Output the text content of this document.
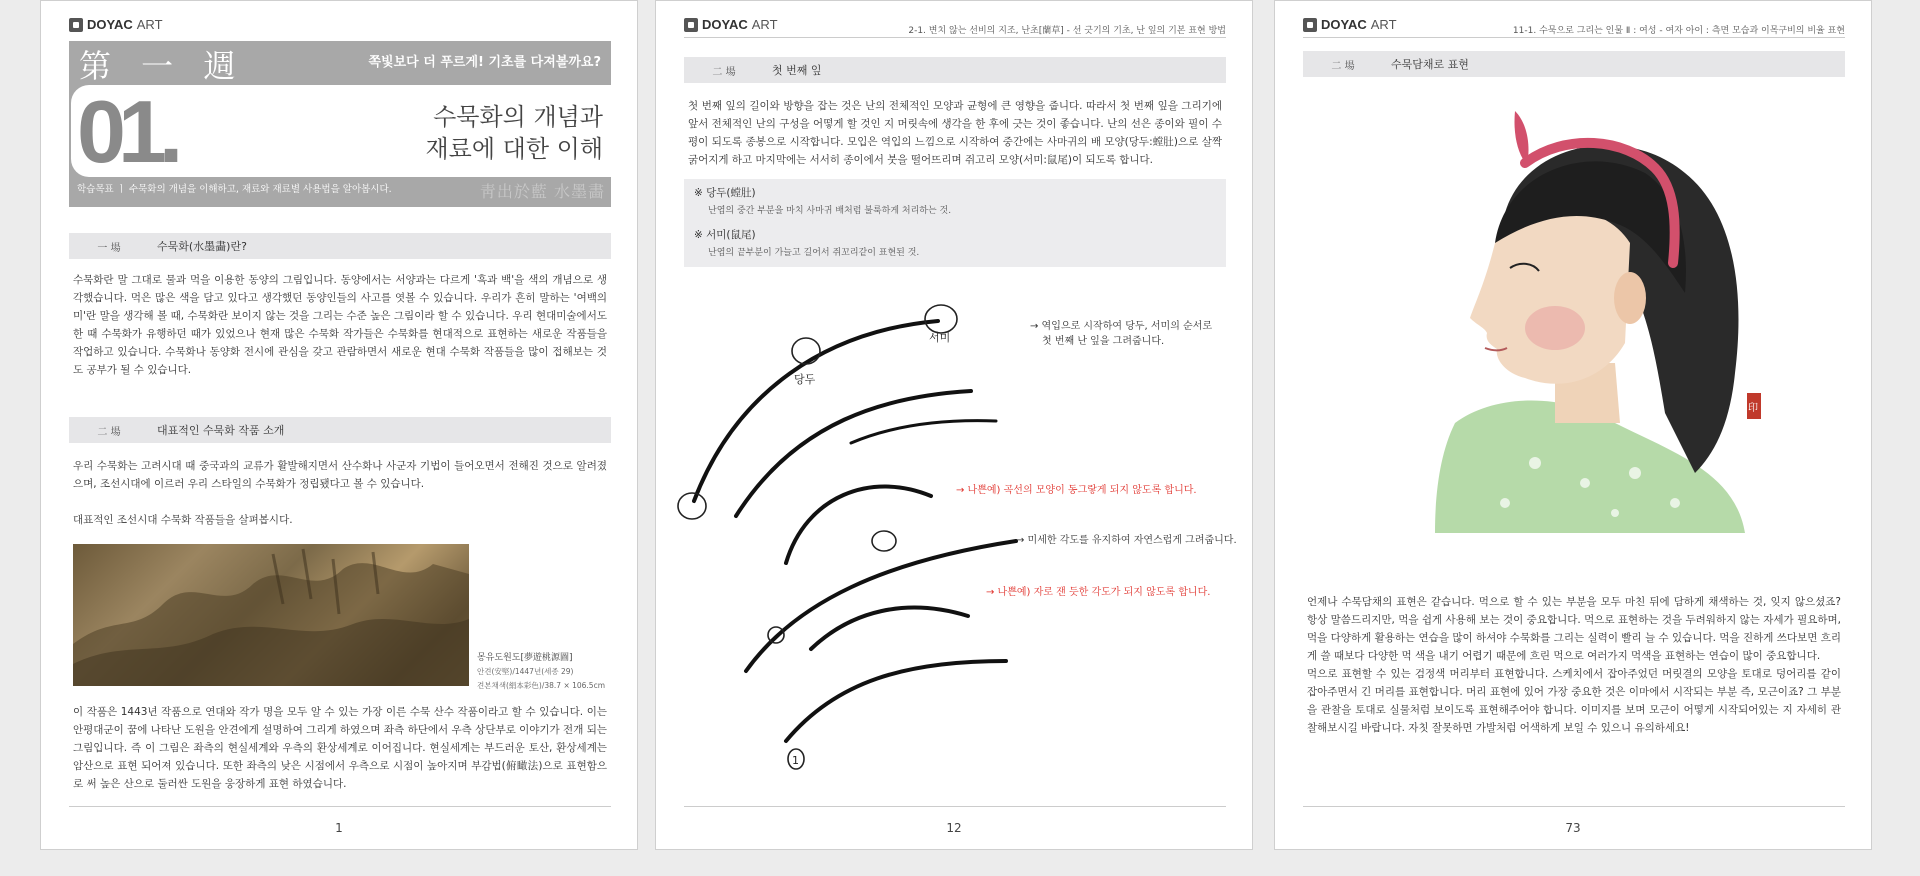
DOYAC ART
第 一 週	쪽빛보다 더 푸르게! 기초를 다져볼까요?
01.	수묵화의 개념과
재료에 대한 이해
학습목표 ㅣ 수묵화의 개념을 이해하고, 재료와 재료별 사용법을 알아봅시다.	靑出於藍 水墨畵
一 場	수묵화(水墨畵)란?
수묵화란 말 그대로 물과 먹을 이용한 동양의 그림입니다. 동양에서는 서양과는 다르게 '흑과 백'을 색의 개념으로 생각했습니다. 먹은 많은 색을 담고 있다고 생각했던 동양인들의 사고를 엿볼 수 있습니다. 우리가 흔히 말하는 '여백의 미'란 말을 생각해 볼 때, 수묵화란 보이지 않는 것을 그리는 수준 높은 그림이라 할 수 있습니다. 우리 현대미술에서도 한 때 수묵화가 유행하던 때가 있었으나 현재 많은 수묵화 작가들은 수묵화를 현대적으로 표현하는 새로운 작품들을 작업하고 있습니다. 수묵화나 동양화 전시에 관심을 갖고 관람하면서 새로운 현대 수묵화 작품들을 많이 접해보는 것도 공부가 될 수 있습니다.
二 場	대표적인 수묵화 작품 소개
우리 수묵화는 고려시대 때 중국과의 교류가 활발해지면서 산수화나 사군자 기법이 들어오면서 전해진 것으로 알려졌으며, 조선시대에 이르러 우리 스타일의 수묵화가 정립됐다고 볼 수 있습니다.
대표적인 조선시대 수묵화 작품들을 살펴봅시다.
몽유도원도[夢遊桃源圖]
안견(安堅)/1447년(세종 29)
견본채색(絹本彩色)/38.7 × 106.5cm
이 작품은 1443년 작품으로 연대와 작가 명을 모두 알 수 있는 가장 이른 수묵 산수 작품이라고 할 수 있습니다. 이는 안평대군이 꿈에 나타난 도원을 안견에게 설명하여 그리게 하였으며 좌측 하단에서 우측 상단부로 이야기가 전개 되는 그림입니다. 즉 이 그림은 좌측의 현실세계와 우측의 환상세계로 이어집니다. 현실세계는 부드러운 토산, 환상세계는 암산으로 표현 되어져 있습니다. 또한 좌측의 낮은 시점에서 우측으로 시점이 높아지며 부감법(俯瞰法)으로 표현함으로 써 높은 산으로 둘러싼 도원을 웅장하게 표현 하였습니다.
1
DOYAC ART	2-1. 변치 않는 선비의 지조, 난초[蘭草] - 선 긋기의 기초, 난 잎의 기본 표현 방법
二 場	첫 번째 잎
첫 번째 잎의 길이와 방향을 잡는 것은 난의 전체적인 모양과 균형에 큰 영향을 줍니다. 따라서 첫 번째 잎을 그리기에 앞서 전체적인 난의 구성을 어떻게 할 것인 지 머릿속에 생각을 한 후에 긋는 것이 좋습니다. 난의 선은 종이와 필이 수평이 되도록 종봉으로 시작합니다. 모입은 역입의 느낌으로 시작하여 중간에는 사마귀의 배 모양(당두:螳肚)으로 살짝 굵어지게 하고 마지막에는 서서히 종이에서 붓을 떨어뜨리며 쥐고리 모양(서미:鼠尾)이 되도록 합니다.
※ 당두(螳肚)
난엽의 중간 부분을 마치 사마귀 배처럼 불룩하게 처리하는 것.
※ 서미(鼠尾)
난엽의 끝부분이 가늘고 길어서 쥐꼬리같이 표현된 것.
서미
당두
1
→ 역입으로 시작하여 당두, 서미의 순서로
첫 번째 난 잎을 그려줍니다.
→ 나쁜예) 곡선의 모양이 동그랗게 되지 않도록 합니다.
→ 미세한 각도를 유지하여 자연스럽게 그려줍니다.
→ 나쁜예) 자로 잰 듯한 각도가 되지 않도록 합니다.
12
DOYAC ART	11-1. 수묵으로 그리는 인물 Ⅱ : 여성 - 여자 아이 : 측면 모습과 이목구비의 비율 표현
二 場	수묵담채로 표현
印
언제나 수묵담채의 표현은 같습니다. 먹으로 할 수 있는 부분을 모두 마친 뒤에 담하게 채색하는 것, 잊지 않으셨죠? 항상 말씀드리지만, 먹을 쉽게 사용해 보는 것이 중요합니다. 먹으로 표현하는 것을 두려워하지 않는 자세가 필요하며, 먹을 다양하게 활용하는 연습을 많이 하셔야 수묵화를 그리는 실력이 빨리 늘 수 있습니다. 먹을 진하게 쓰다보면 흐리게 쓸 때보다 다양한 먹 색을 내기 어렵기 때문에 흐린 먹으로 여러가지 먹색을 표현하는 연습이 많이 중요합니다.
먹으로 표현할 수 있는 검정색 머리부터 표현합니다. 스케치에서 잡아주었던 머릿결의 모양을 토대로 덩어리를 같이 잡아주면서 긴 머리를 표현합니다. 머리 표현에 있어 가장 중요한 것은 이마에서 시작되는 부분 즉, 모근이죠? 그 부분을 관찰을 토대로 실물처럼 보이도록 표현해주어야 합니다. 이미지를 보며 모근이 어떻게 시작되어있는 지 자세히 관찰해보시길 바랍니다. 자칫 잘못하면 가발처럼 어색하게 보일 수 있으니 유의하세요!
73
